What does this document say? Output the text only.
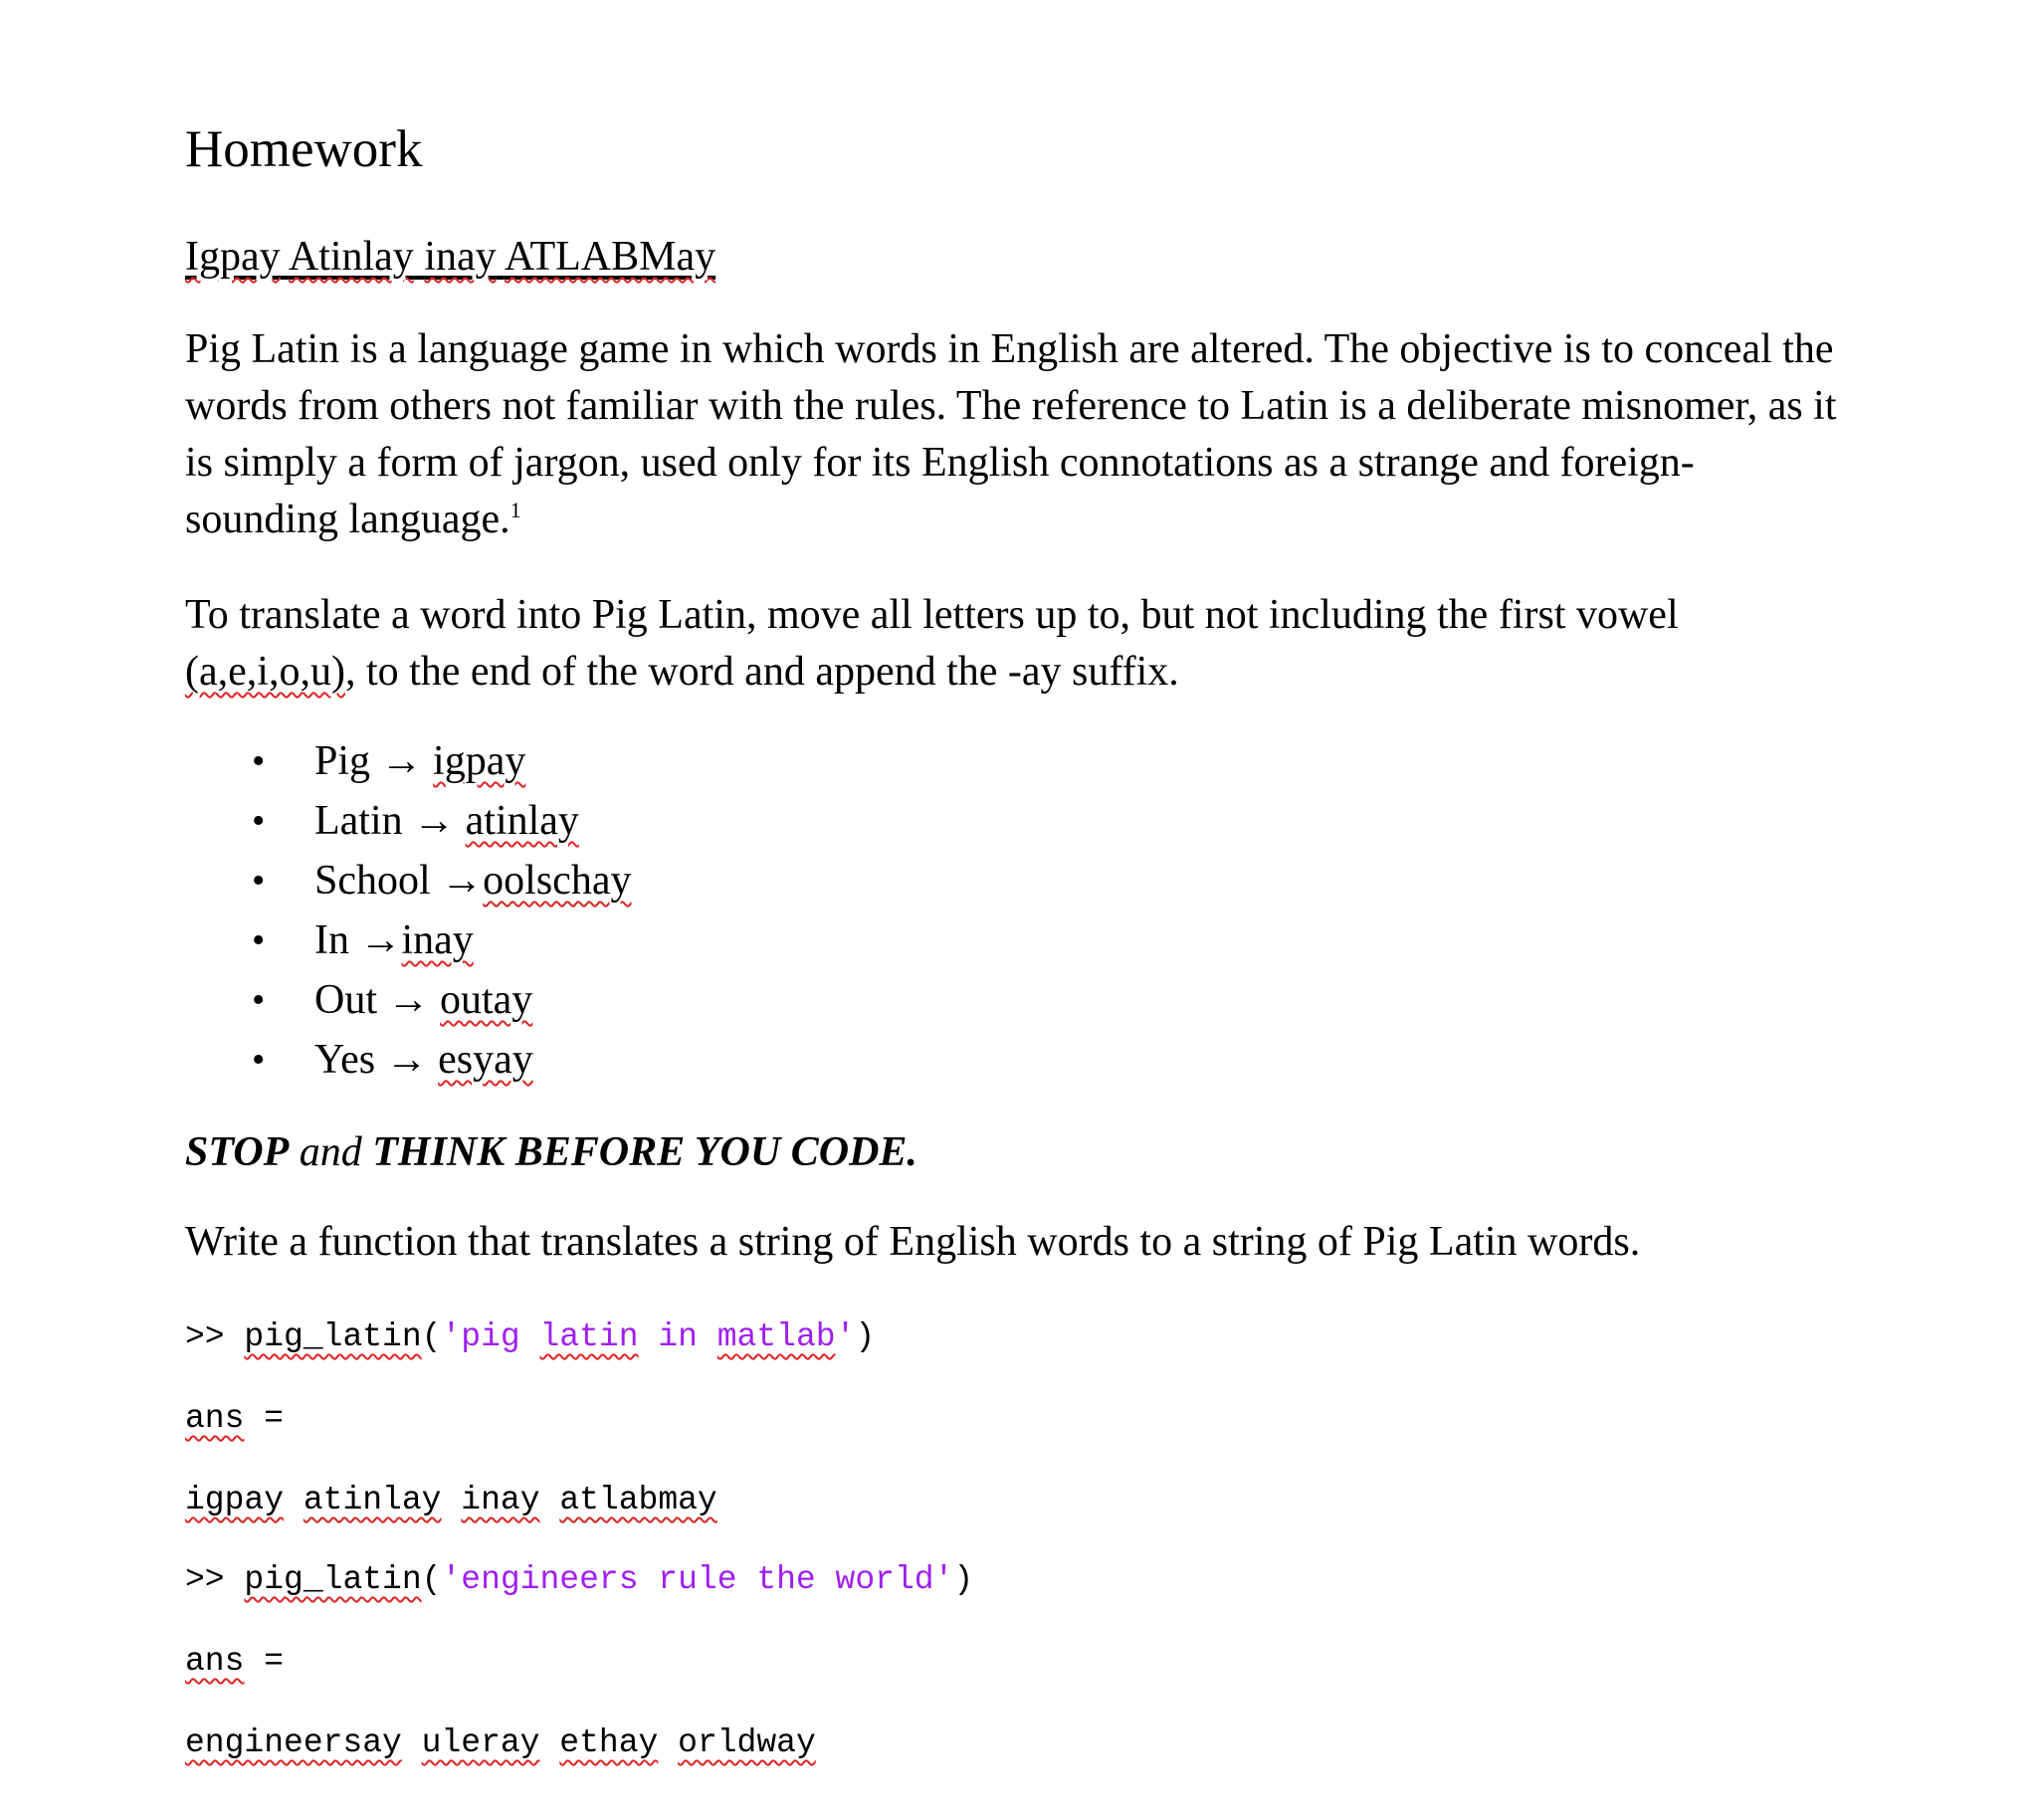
Homework
Igpay Atinlay inay ATLABMay
Pig Latin is a language game in which words in English are altered. The objective is to conceal the words from others not familiar with the rules. The reference to Latin is a deliberate misnomer, as it is simply a form of jargon, used only for its English connotations as a strange and foreign-sounding language.$^1$
To translate a word into Pig Latin, move all letters up to, but not including the first vowel (a,e,i,o,u), to the end of the word and append the -ay suffix.
• Pig → igpay
• Latin → atinlay
• School →oolschay
• In →inay
• Out → outay
• Yes → esyay
STOP and THINK BEFORE YOU CODE.
Write a function that translates a string of English words to a string of Pig Latin words.
>> pig_latin('pig latin in matlab')
ans =
igpay atinlay inay atlabmay
>> pig_latin('engineers rule the world')
ans =
engineersay uleray ethay orldway
